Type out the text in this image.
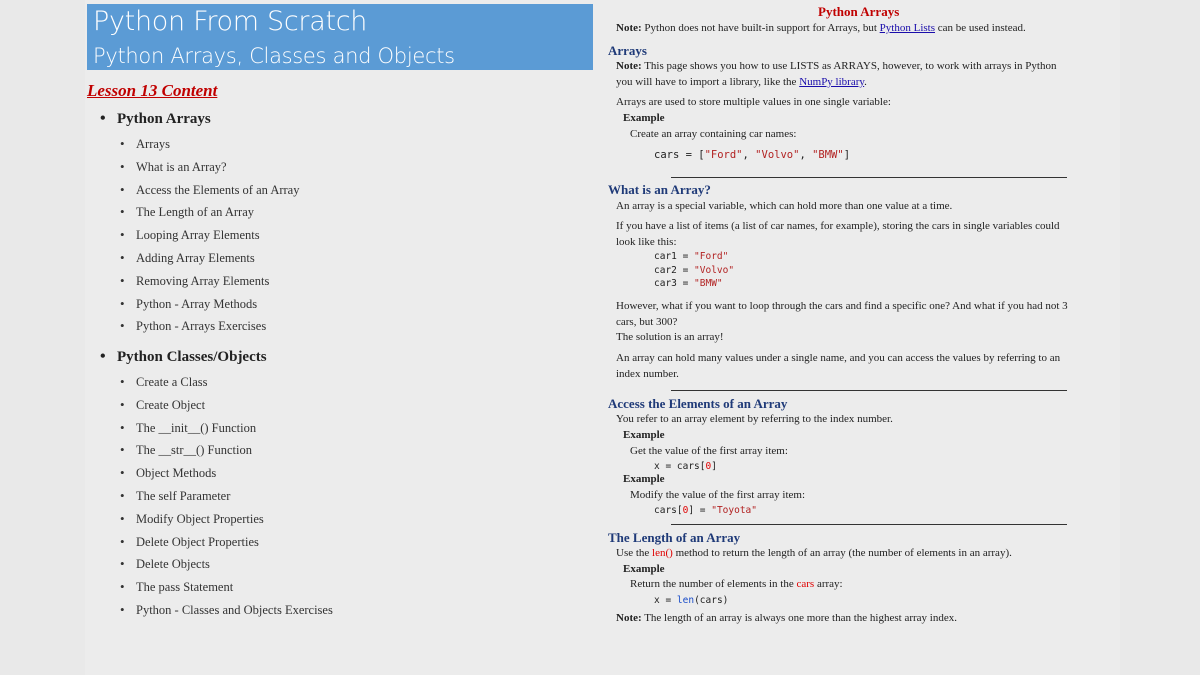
Python From Scratch
Python Arrays, Classes and Objects
Lesson 13 Content
• Python Arrays
• Arrays
• What is an Array?
• Access the Elements of an Array
• The Length of an Array
• Looping Array Elements
• Adding Array Elements
• Removing Array Elements
• Python - Array Methods
• Python - Arrays Exercises
• Python Classes/Objects
• Create a Class
• Create Object
• The __init__() Function
• The __str__() Function
• Object Methods
• The self Parameter
• Modify Object Properties
• Delete Object Properties
• Delete Objects
• The pass Statement
• Python - Classes and Objects Exercises
Python Arrays
Note: Python does not have built-in support for Arrays, but Python Lists can be used instead.
Arrays
Note: This page shows you how to use LISTS as ARRAYS, however, to work with arrays in Python
you will have to import a library, like the NumPy library.
Arrays are used to store multiple values in one single variable:
Example
Create an array containing car names:
cars = ["Ford", "Volvo", "BMW"]
What is an Array?
An array is a special variable, which can hold more than one value at a time.
If you have a list of items (a list of car names, for example), storing the cars in single variables could
look like this:
car1 = "Ford"
car2 = "Volvo"
car3 = "BMW"
However, what if you want to loop through the cars and find a specific one? And what if you had not 3
cars, but 300?
The solution is an array!
An array can hold many values under a single name, and you can access the values by referring to an
index number.
Access the Elements of an Array
You refer to an array element by referring to the index number.
Example
Get the value of the first array item:
x = cars[0]
Example
Modify the value of the first array item:
cars[0] = "Toyota"
The Length of an Array
Use the len() method to return the length of an array (the number of elements in an array).
Example
Return the number of elements in the cars array:
x = len(cars)
Note: The length of an array is always one more than the highest array index.
